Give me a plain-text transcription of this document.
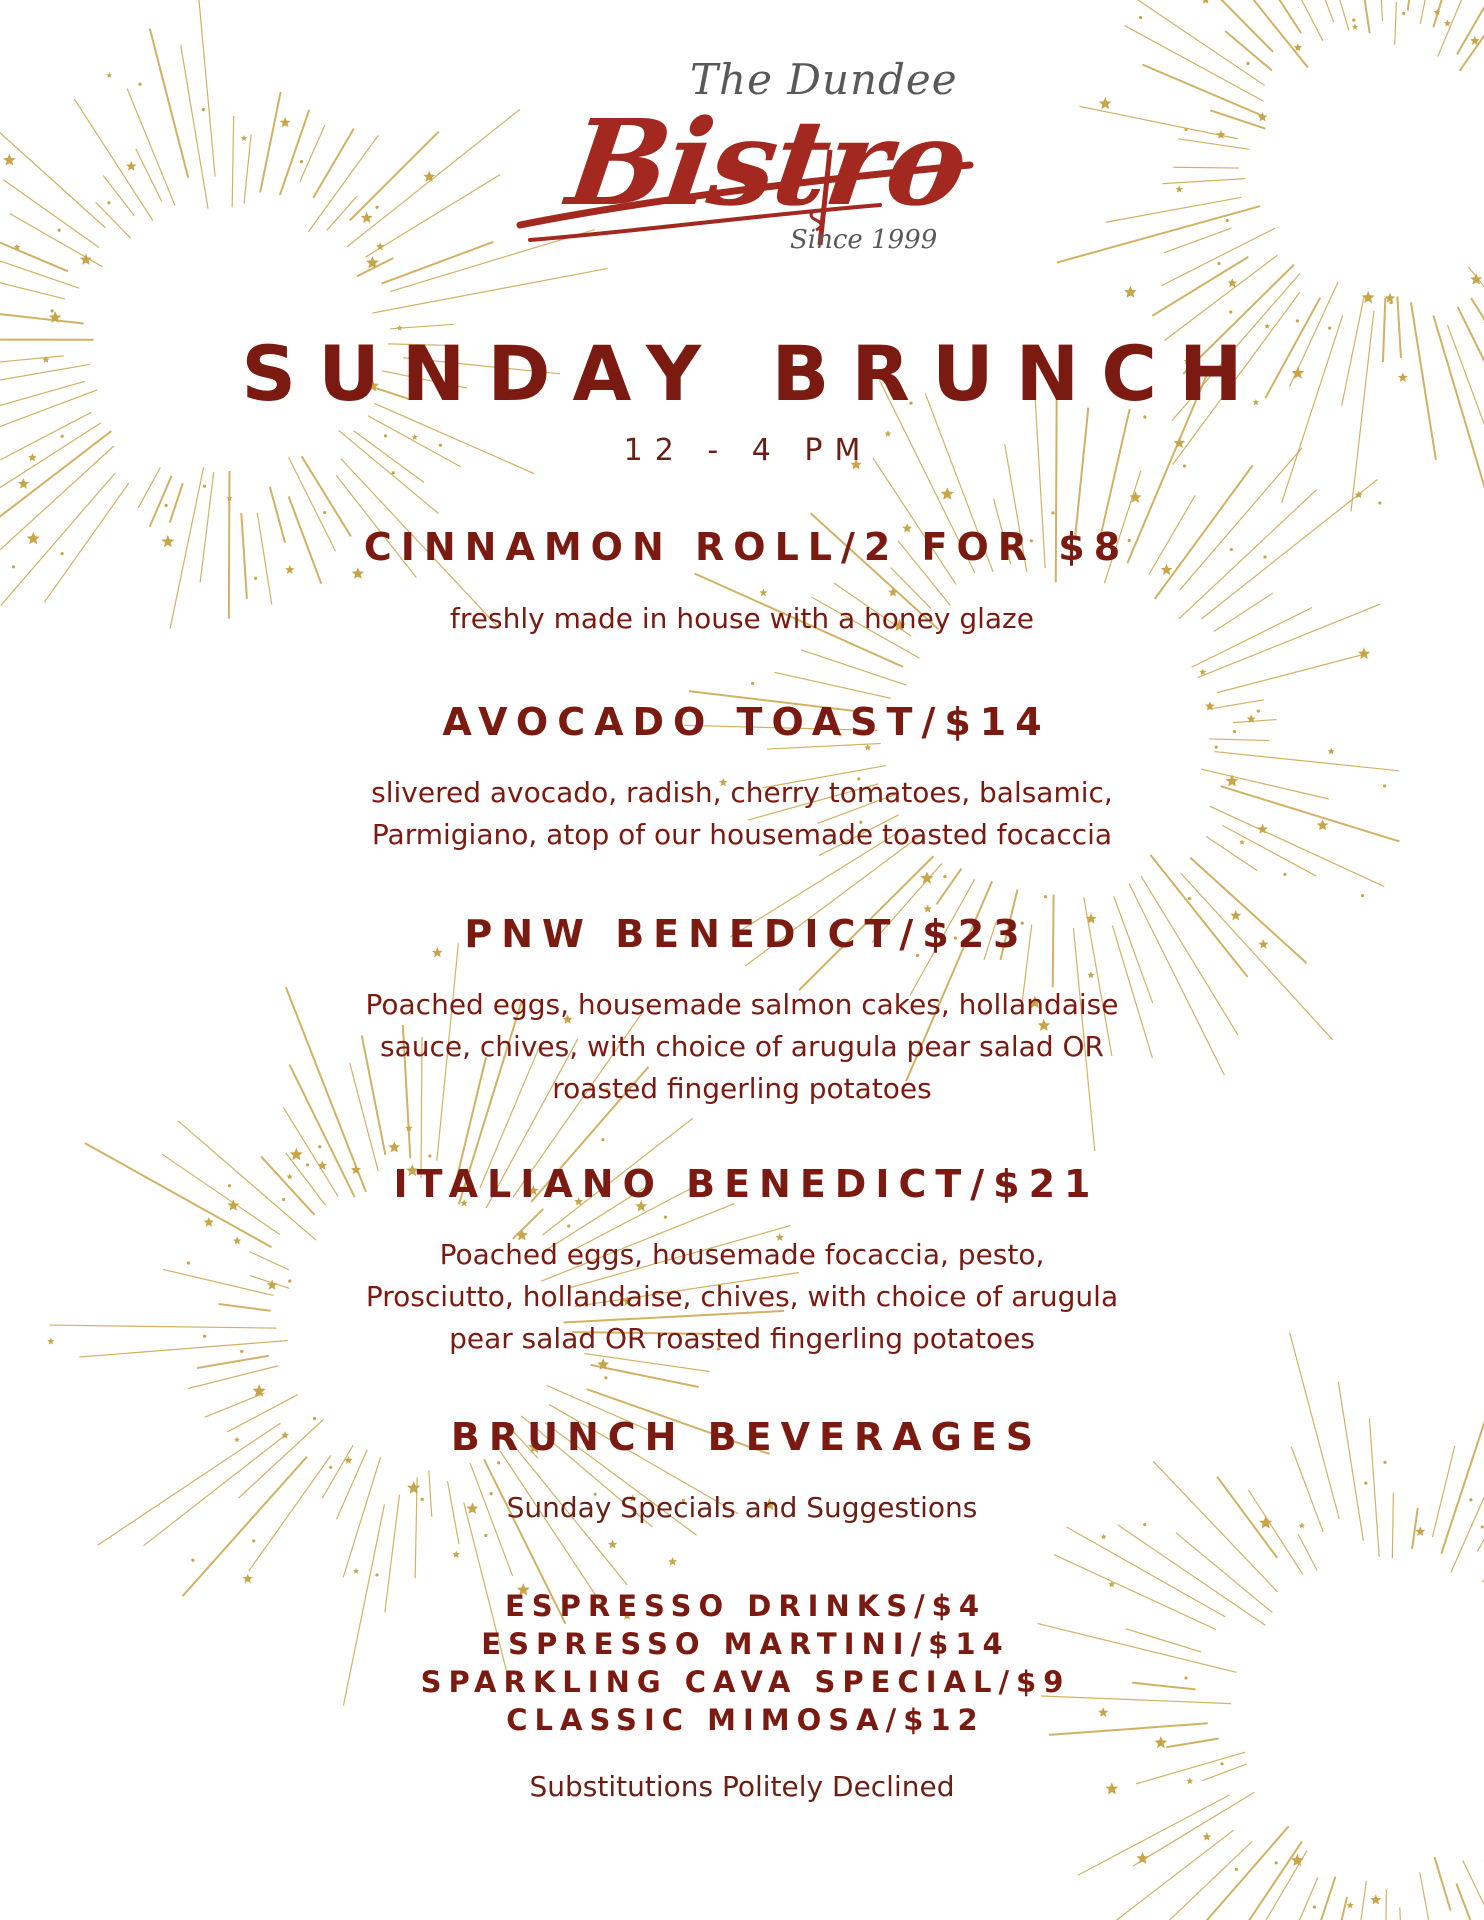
The Dundee
Bistro
Since 1999
SUNDAY BRUNCH
12 - 4 PM
CINNAMON ROLL/2 FOR $8
freshly made in house with a honey glaze
AVOCADO TOAST/$14
slivered avocado, radish, cherry tomatoes, balsamic,
Parmigiano, atop of our housemade toasted focaccia
PNW BENEDICT/$23
Poached eggs, housemade salmon cakes, hollandaise
sauce, chives, with choice of arugula pear salad OR
roasted fingerling potatoes
ITALIANO BENEDICT/$21
Poached eggs, housemade focaccia, pesto,
Prosciutto, hollandaise, chives, with choice of arugula
pear salad OR roasted fingerling potatoes
BRUNCH BEVERAGES
Sunday Specials and Suggestions
ESPRESSO DRINKS/$4
ESPRESSO MARTINI/$14
SPARKLING CAVA SPECIAL/$9
CLASSIC MIMOSA/$12
Substitutions Politely Declined
